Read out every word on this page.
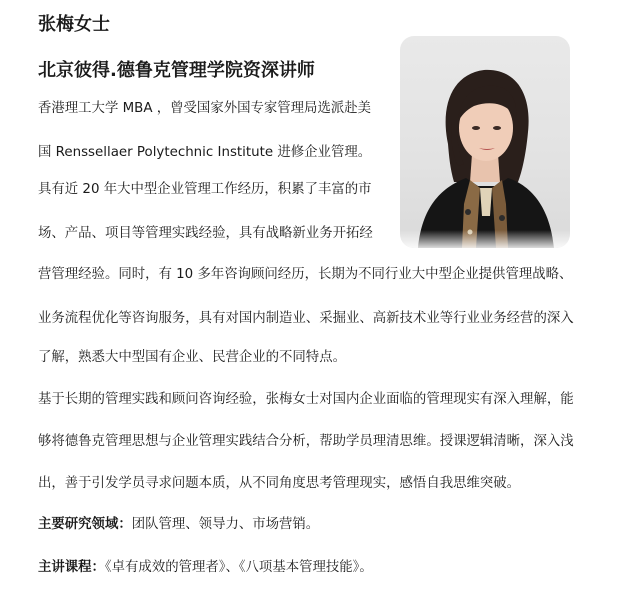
张梅女士
北京彼得.德鲁克管理学院资深讲师

香港理工大学 MBA ，曾受国家外国专家管理局选派赴美

国 Renssellaer Polytechnic Institute 进修企业管理。

具有近 20 年大中型企业管理工作经历，积累了丰富的市

场、产品、项目等管理实践经验，具有战略新业务开拓经

营管理经验。同时，有 10 多年咨询顾问经历，长期为不同行业大中型企业提供管理战略、

业务流程优化等咨询服务，具有对国内制造业、采掘业、高新技术业等行业业务经营的深入

了解，熟悉大中型国有企业、民营企业的不同特点。

基于长期的管理实践和顾问咨询经验，张梅女士对国内企业面临的管理现实有深入理解，能

够将德鲁克管理思想与企业管理实践结合分析，帮助学员理清思维。授课逻辑清晰，深入浅

出，善于引发学员寻求问题本质，从不同角度思考管理现实，感悟自我思维突破。

主要研究领域：团队管理、领导力、市场营销。

主讲课程：《卓有成效的管理者》、《八项基本管理技能》。
